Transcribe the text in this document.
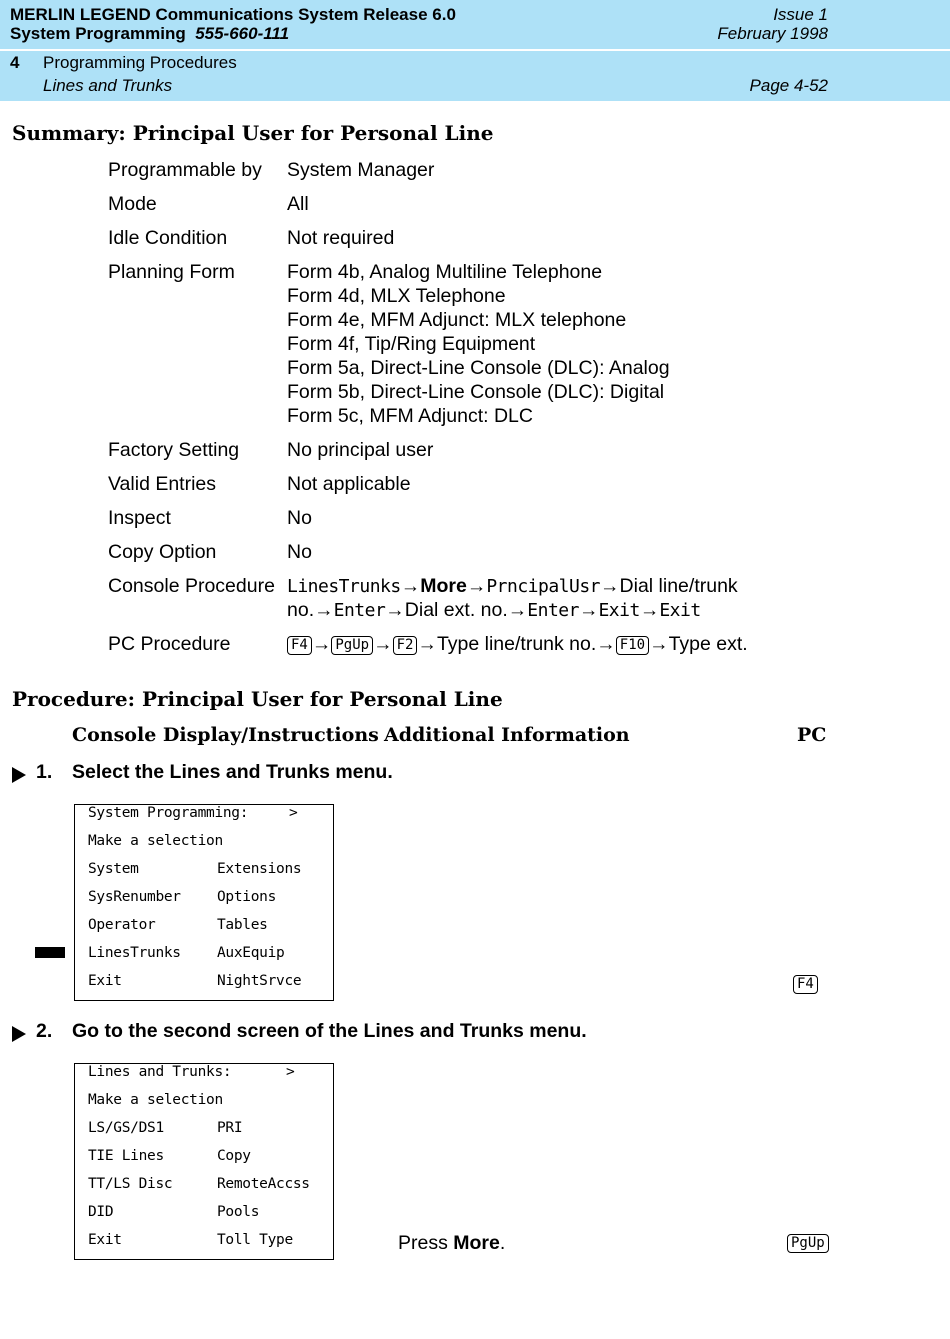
MERLIN LEGEND Communications System Release 6.0	Issue 1
System Programming 555-660-111	February 1998
4 Programming Procedures
Lines and Trunks	Page 4-52
Summary: Principal User for Personal Line
Programmable by System Manager
Mode	All
Idle Condition	Not required
Planning Form	Form 4b, Analog Multiline Telephone
Form 4d, MLX Telephone
Form 4e, MFM Adjunct: MLX telephone
Form 4f, Tip/Ring Equipment
Form 5a, Direct-Line Console (DLC): Analog
Form 5b, Direct-Line Console (DLC): Digital
Form 5c, MFM Adjunct: DLC
Factory Setting No principal user
Valid Entries	Not applicable
Inspect	No
Copy Option	No
Console Procedure LinesTrunks→More→PrncipalUsr→Dial line/trunk
no.→Enter→Dial ext. no.→Enter→Exit→Exit
PC Procedure	F4 → PgUp → F2 →Type line/trunk no.→ F10 →Type ext.
Procedure: Principal User for Personal Line
Console Display/Instructions Additional Information	PC
1. Select the Lines and Trunks menu.
System Programming:	>
Make a selection
System	Extensions
SysRenumber	Options
Operator	Tables
LinesTrunks	AuxEquip
Exit	NightSrvce	F4
2. Go to the second screen of the Lines and Trunks menu.
Lines and Trunks:	>
Make a selection
LS/GS/DS1	PRI
TIE Lines	Copy
TT/LS Disc	RemoteAccss
DID	Pools
Exit	Toll Type	Press More.	PgUp
